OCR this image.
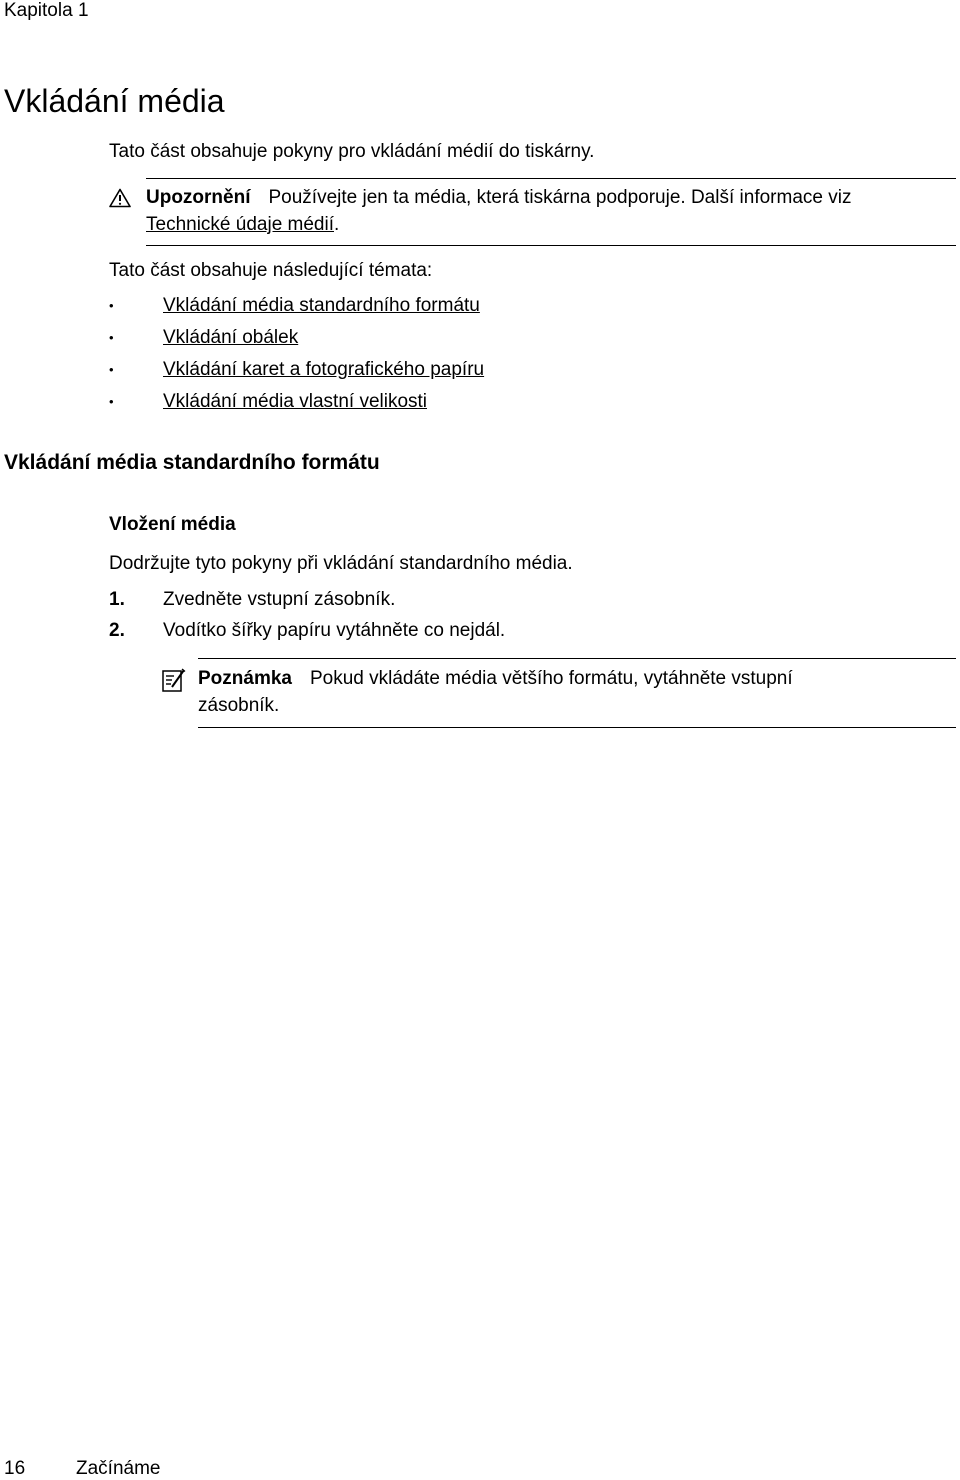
Kapitola 1
Vkládání média
Tato část obsahuje pokyny pro vkládání médií do tiskárny.
Upozornění Používejte jen ta média, která tiskárna podporuje. Další informace viz
Technické údaje médií.
Tato část obsahuje následující témata:
•	Vkládání média standardního formátu
•	Vkládání obálek
•	Vkládání karet a fotografického papíru
•	Vkládání média vlastní velikosti
Vkládání média standardního formátu
Vložení média
Dodržujte tyto pokyny při vkládání standardního média.
1. Zvedněte vstupní zásobník.
2. Vodítko šířky papíru vytáhněte co nejdál.
Poznámka Pokud vkládáte média většího formátu, vytáhněte vstupní
zásobník.
16	Začínáme
